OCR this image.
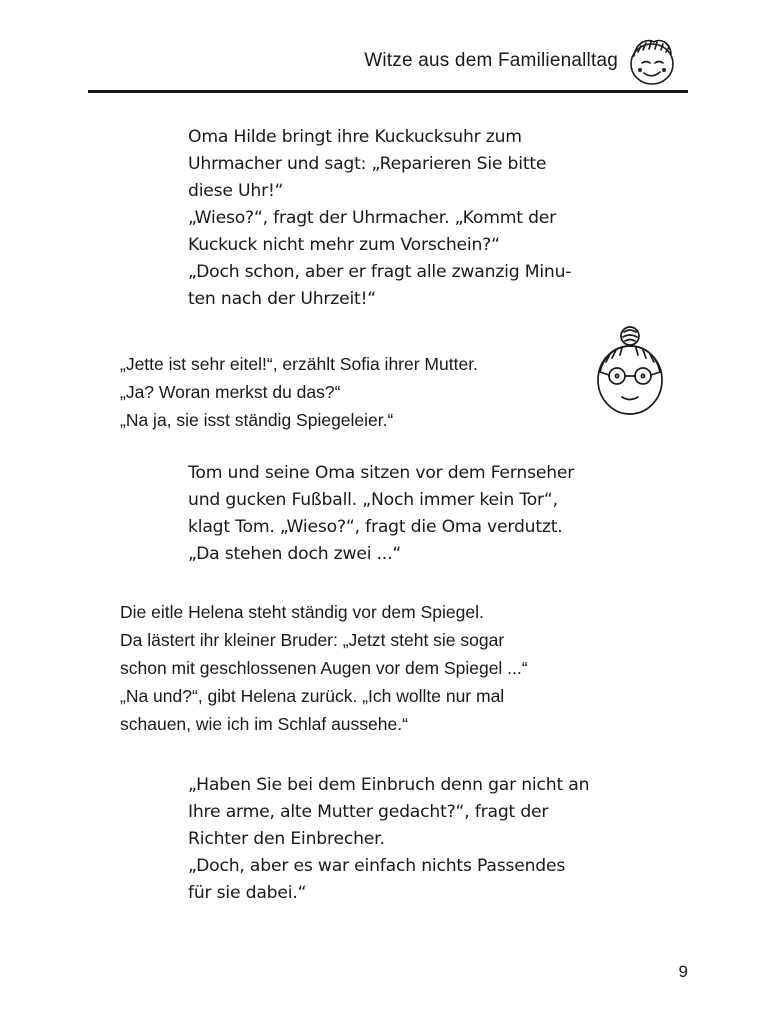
Witze aus dem Familienalltag

Oma Hilde bringt ihre Kuckucksuhr zum
Uhrmacher und sagt: „Reparieren Sie bitte
diese Uhr!“
„Wieso?“, fragt der Uhrmacher. „Kommt der
Kuckuck nicht mehr zum Vorschein?“
„Doch schon, aber er fragt alle zwanzig Minu-
ten nach der Uhrzeit!“

„Jette ist sehr eitel!“, erzählt Sofia ihrer Mutter.
„Ja? Woran merkst du das?“
„Na ja, sie isst ständig Spiegeleier.“

Tom und seine Oma sitzen vor dem Fernseher
und gucken Fußball. „Noch immer kein Tor“,
klagt Tom. „Wieso?“, fragt die Oma verdutzt.
„Da stehen doch zwei ...“

Die eitle Helena steht ständig vor dem Spiegel.
Da lästert ihr kleiner Bruder: „Jetzt steht sie sogar
schon mit geschlossenen Augen vor dem Spiegel ...“
„Na und?“, gibt Helena zurück. „Ich wollte nur mal
schauen, wie ich im Schlaf aussehe.“

„Haben Sie bei dem Einbruch denn gar nicht an
Ihre arme, alte Mutter gedacht?“, fragt der
Richter den Einbrecher.
„Doch, aber es war einfach nichts Passendes
für sie dabei.“

9
